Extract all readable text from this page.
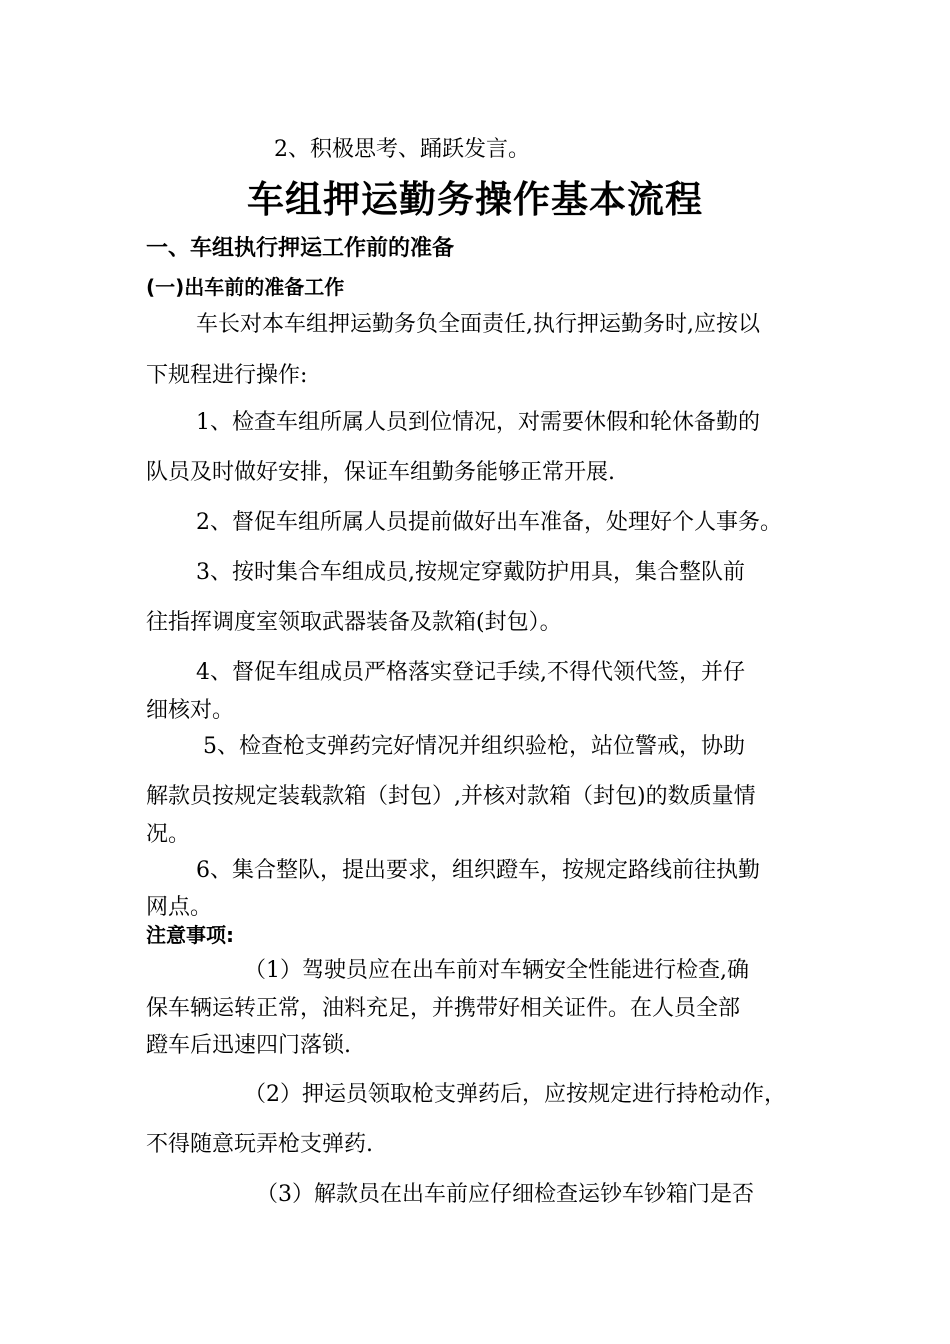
2、积极思考、踊跃发言。
车组押运勤务操作基本流程
一、车组执行押运工作前的准备
(一)出车前的准备工作
车长对本车组押运勤务负全面责任,执行押运勤务时,应按以
下规程进行操作:
1、检查车组所属人员到位情况，对需要休假和轮休备勤的
队员及时做好安排，保证车组勤务能够正常开展.
2、督促车组所属人员提前做好出车准备，处理好个人事务。
3、按时集合车组成员,按规定穿戴防护用具，集合整队前
往指挥调度室领取武器装备及款箱(封包）。
4、督促车组成员严格落实登记手续,不得代领代签，并仔
细核对。
5、检查枪支弹药完好情况并组织验枪，站位警戒，协助
解款员按规定装载款箱（封包）,并核对款箱（封包)的数质量情
况。
6、集合整队，提出要求，组织蹬车，按规定路线前往执勤
网点。
注意事项:
（1）驾驶员应在出车前对车辆安全性能进行检查,确
保车辆运转正常，油料充足，并携带好相关证件。在人员全部
蹬车后迅速四门落锁.
（2）押运员领取枪支弹药后，应按规定进行持枪动作，
不得随意玩弄枪支弹药.
（3）解款员在出车前应仔细检查运钞车钞箱门是否
